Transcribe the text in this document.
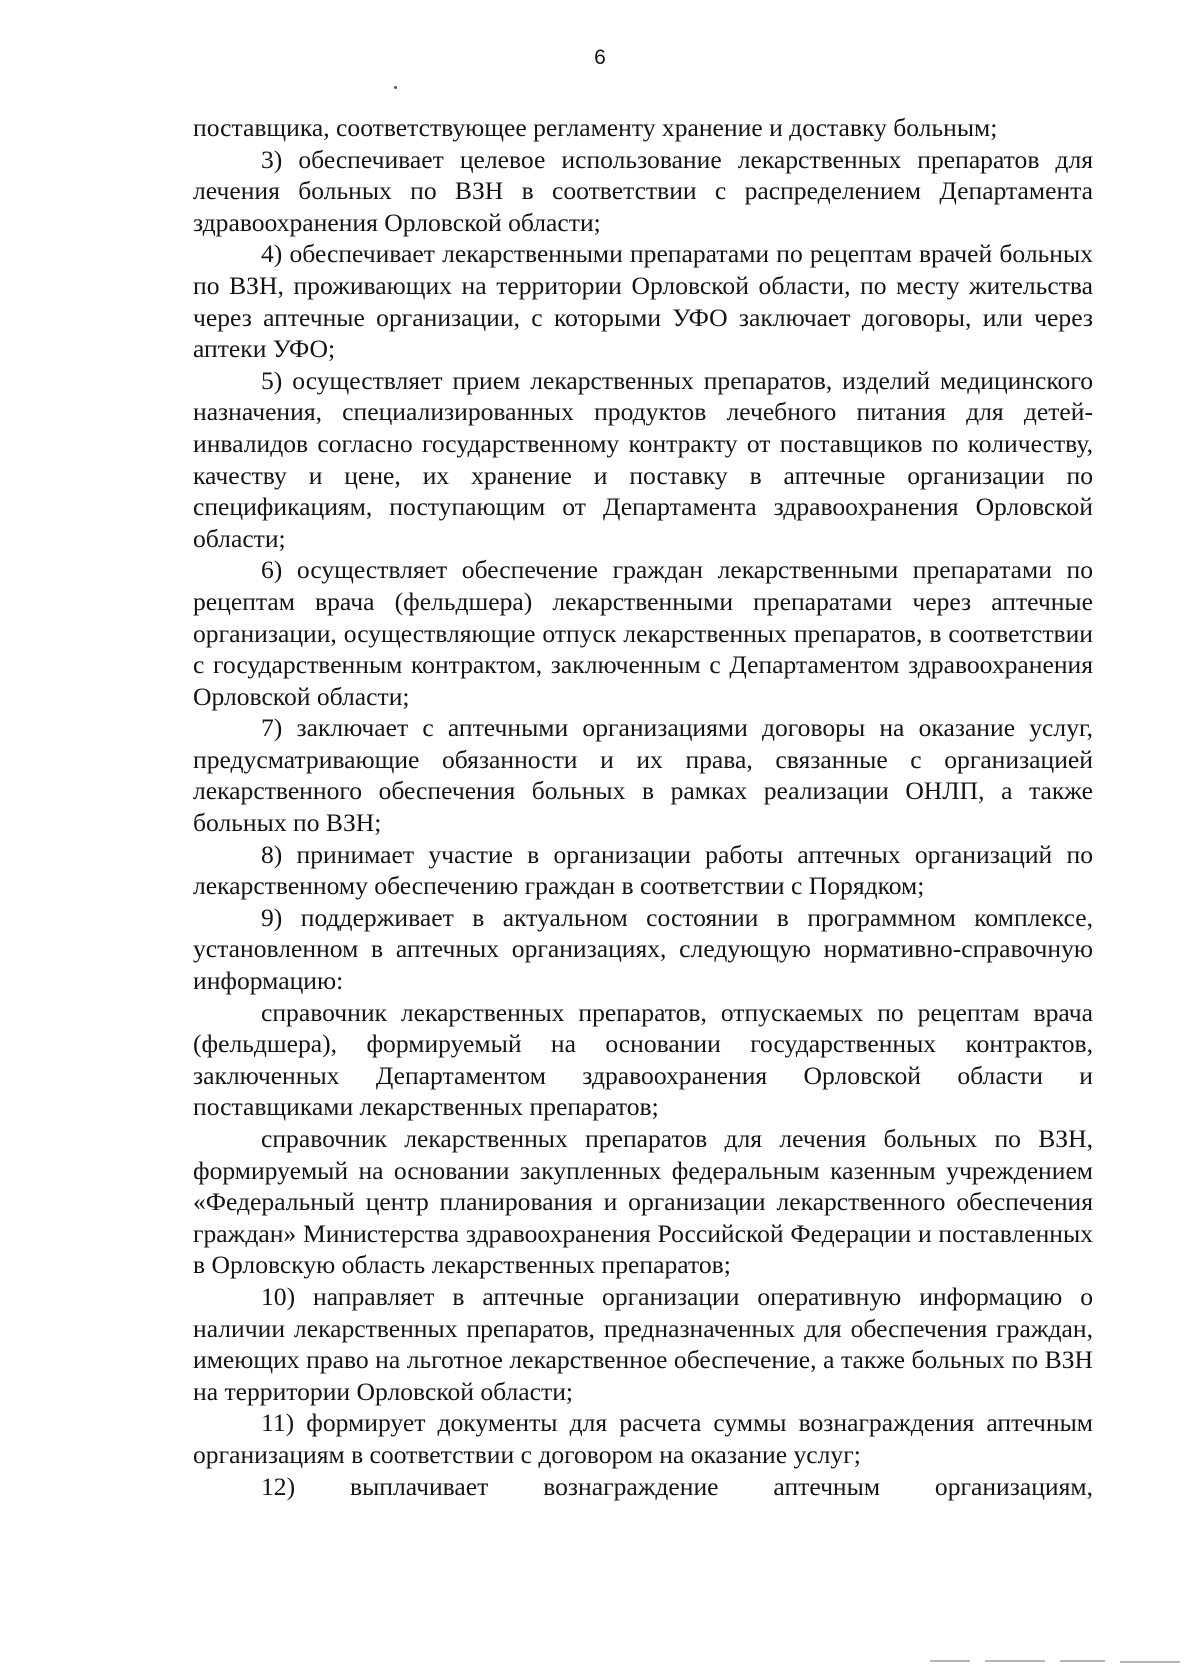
6

поставщика, соответствующее регламенту хранение и доставку больным;

3) обеспечивает целевое использование лекарственных препаратов для лечения больных по ВЗН в соответствии с распределением Департамента здравоохранения Орловской области;

4) обеспечивает лекарственными препаратами по рецептам врачей больных по ВЗН, проживающих на территории Орловской области, по месту жительства через аптечные организации, с которыми УФО заключает договоры, или через аптеки УФО;

5) осуществляет прием лекарственных препаратов, изделий медицинского назначения, специализированных продуктов лечебного питания для детей-инвалидов согласно государственному контракту от поставщиков по количеству, качеству и цене, их хранение и поставку в аптечные организации по спецификациям, поступающим от Департамента здравоохранения Орловской области;

6) осуществляет обеспечение граждан лекарственными препаратами по рецептам врача (фельдшера) лекарственными препаратами через аптечные организации, осуществляющие отпуск лекарственных препаратов, в соответствии с государственным контрактом, заключенным с Департаментом здравоохранения Орловской области;

7) заключает с аптечными организациями договоры на оказание услуг, предусматривающие обязанности и их права, связанные с организацией лекарственного обеспечения больных в рамках реализации ОНЛП, а также больных по ВЗН;

8) принимает участие в организации работы аптечных организаций по лекарственному обеспечению граждан в соответствии с Порядком;

9) поддерживает в актуальном состоянии в программном комплексе, установленном в аптечных организациях, следующую нормативно-справочную информацию:

справочник лекарственных препаратов, отпускаемых по рецептам врача (фельдшера), формируемый на основании государственных контрактов, заключенных Департаментом здравоохранения Орловской области и поставщиками лекарственных препаратов;

справочник лекарственных препаратов для лечения больных по ВЗН, формируемый на основании закупленных федеральным казенным учреждением «Федеральный центр планирования и организации лекарственного обеспечения граждан» Министерства здравоохранения Российской Федерации и поставленных в Орловскую область лекарственных препаратов;

10) направляет в аптечные организации оперативную информацию о наличии лекарственных препаратов, предназначенных для обеспечения граждан, имеющих право на льготное лекарственное обеспечение, а также больных по ВЗН на территории Орловской области;

11) формирует документы для расчета суммы вознаграждения аптечным организациям в соответствии с договором на оказание услуг;

12) выплачивает вознаграждение аптечным организациям,
